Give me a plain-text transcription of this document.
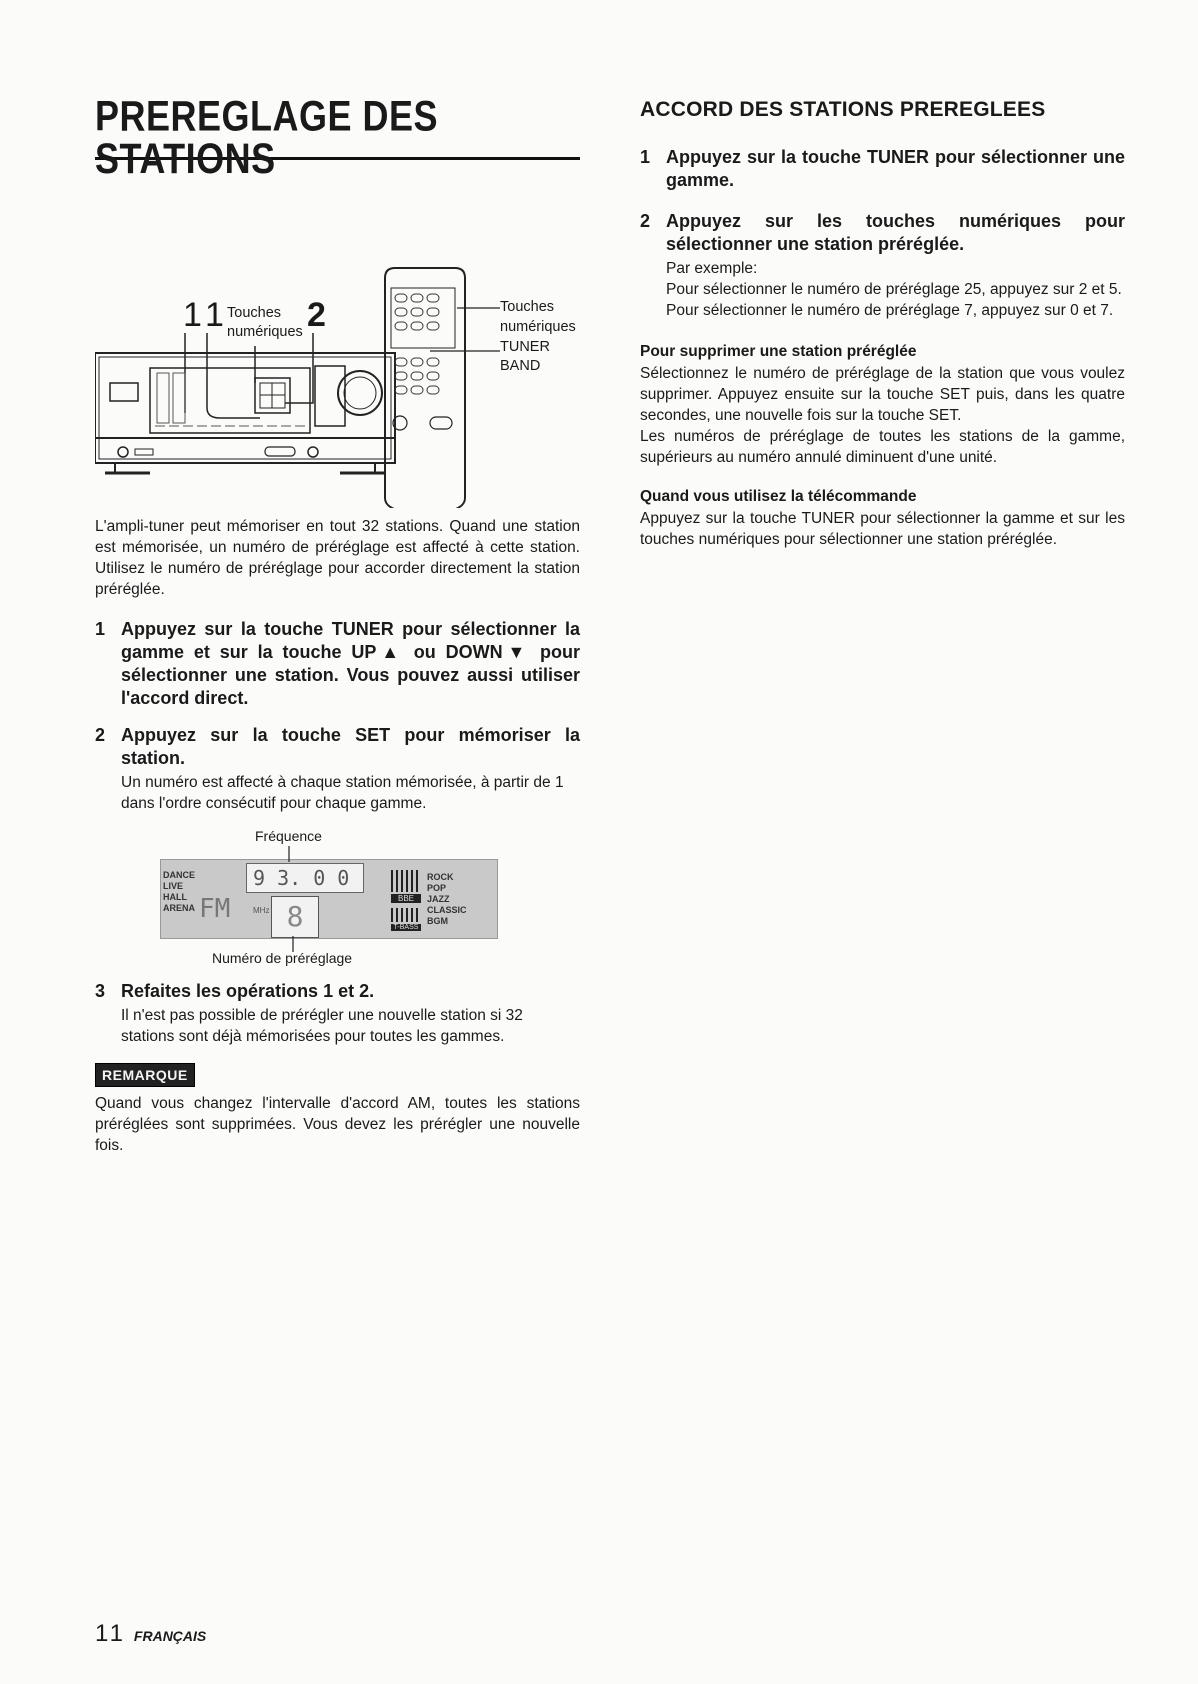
PREREGLAGE DES STATIONS
1 1 Touches
numériques 2	Touches
numériques
TUNER
BAND

L'ampli-tuner peut mémoriser en tout 32 stations. Quand une station est mémorisée, un numéro de préréglage est affecté à cette station. Utilisez le numéro de préréglage pour accorder directement la station préréglée.

1 Appuyez sur la touche TUNER pour sélectionner la gamme et sur la touche UP▲ ou DOWN▼ pour sélectionner une station. Vous pouvez aussi utiliser l'accord direct.

2 Appuyez sur la touche SET pour mémoriser la station.

Un numéro est affecté à chaque station mémorisée, à partir de 1 dans l'ordre consécutif pour chaque gamme.

Fréquence
Numéro de préréglage
DANCE
LIVE
HALL
ARENA FM
9 3. 0 0 MHz 8
BBE
T-BASS
ROCK
POP
JAZZ
CLASSIC
BGM
3 Refaites les opérations 1 et 2.

Il n'est pas possible de prérégler une nouvelle station si 32 stations sont déjà mémorisées pour toutes les gammes.

REMARQUE

Quand vous changez l'intervalle d'accord AM, toutes les stations préréglées sont supprimées. Vous devez les prérégler une nouvelle fois.

ACCORD DES STATIONS PREREGLEES
1 Appuyez sur la touche TUNER pour sélectionner une gamme.

2 Appuyez sur les touches numériques pour sélectionner une station préréglée.

Par exemple:

Pour sélectionner le numéro de préréglage 25, appuyez sur 2 et 5.

Pour sélectionner le numéro de préréglage 7, appuyez sur 0 et 7.

Pour supprimer une station préréglée

Sélectionnez le numéro de préréglage de la station que vous voulez supprimer. Appuyez ensuite sur la touche SET puis, dans les quatre secondes, une nouvelle fois sur la touche SET.

Les numéros de préréglage de toutes les stations de la gamme, supérieurs au numéro annulé diminuent d'une unité.

Quand vous utilisez la télécommande

Appuyez sur la touche TUNER pour sélectionner la gamme et sur les touches numériques pour sélectionner une station préréglée.

11 FRANÇAIS
